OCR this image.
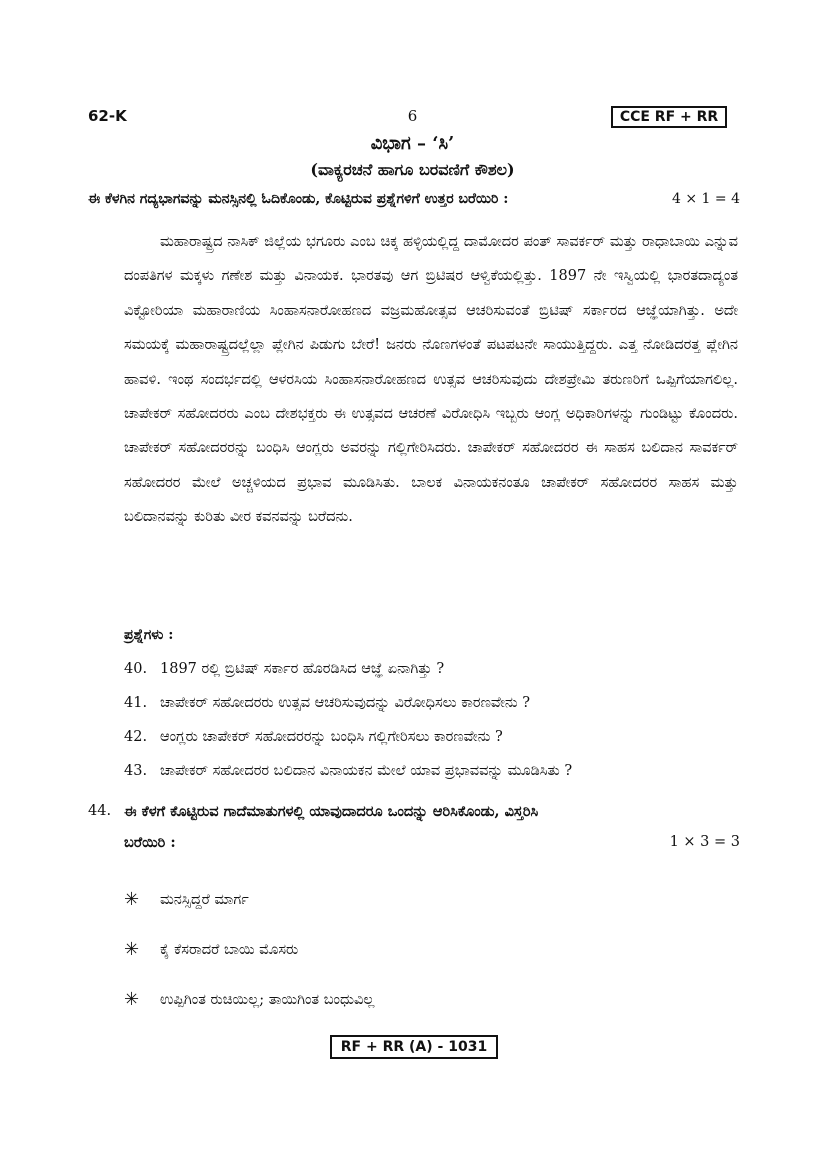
62-K	6	CCE RF + RR
ವಿಭಾಗ – ‘ಸಿ’
(ವಾಕ್ಯರಚನೆ ಹಾಗೂ ಬರವಣಿಗೆ ಕೌಶಲ)
ಈ ಕೆಳಗಿನ ಗದ್ಯಭಾಗವನ್ನು ಮನಸ್ಸಿನಲ್ಲಿ ಓದಿಕೊಂಡು, ಕೊಟ್ಟಿರುವ ಪ್ರಶ್ನೆಗಳಿಗೆ ಉತ್ತರ ಬರೆಯಿರಿ :	4 × 1 = 4

ಮಹಾರಾಷ್ಟ್ರದ ನಾಸಿಕ್ ಜಿಲ್ಲೆಯ ಭಗೂರು ಎಂಬ ಚಿಕ್ಕ ಹಳ್ಳಿಯಲ್ಲಿದ್ದ ದಾಮೋದರ ಪಂತ್ ಸಾವರ್ಕರ್ ಮತ್ತು ರಾಧಾಬಾಯಿ ಎನ್ನುವ ದಂಪತಿಗಳ ಮಕ್ಕಳು ಗಣೇಶ ಮತ್ತು ವಿನಾಯಕ. ಭಾರತವು ಆಗ ಬ್ರಿಟಿಷರ ಆಳ್ವಿಕೆಯಲ್ಲಿತ್ತು. 1897 ನೇ ಇಸ್ವಿಯಲ್ಲಿ ಭಾರತದಾದ್ಯಂತ ವಿಕ್ಟೋರಿಯಾ ಮಹಾರಾಣಿಯ ಸಿಂಹಾಸನಾರೋಹಣದ ವಜ್ರಮಹೋತ್ಸವ ಆಚರಿಸುವಂತೆ ಬ್ರಿಟಿಷ್ ಸರ್ಕಾರದ ಆಜ್ಞೆಯಾಗಿತ್ತು. ಅದೇ ಸಮಯಕ್ಕೆ ಮಹಾರಾಷ್ಟ್ರದಲ್ಲೆಲ್ಲಾ ಪ್ಲೇಗಿನ ಪಿಡುಗು ಬೇರೆ! ಜನರು ನೊಣಗಳಂತೆ ಪಟಪಟನೇ ಸಾಯುತ್ತಿದ್ದರು. ಎತ್ತ ನೋಡಿದರತ್ತ ಪ್ಲೇಗಿನ ಹಾವಳಿ. ಇಂಥ ಸಂದರ್ಭದಲ್ಲಿ ಆಳರಸಿಯ ಸಿಂಹಾಸನಾರೋಹಣದ ಉತ್ಸವ ಆಚರಿಸುವುದು ದೇಶಪ್ರೇಮಿ ತರುಣರಿಗೆ ಒಪ್ಪಿಗೆಯಾಗಲಿಲ್ಲ. ಚಾಪೇಕರ್ ಸಹೋದರರು ಎಂಬ ದೇಶಭಕ್ತರು ಈ ಉತ್ಸವದ ಆಚರಣೆ ವಿರೋಧಿಸಿ ಇಬ್ಬರು ಆಂಗ್ಲ ಅಧಿಕಾರಿಗಳನ್ನು ಗುಂಡಿಟ್ಟು ಕೊಂದರು. ಚಾಪೇಕರ್ ಸಹೋದರರನ್ನು ಬಂಧಿಸಿ ಆಂಗ್ಲರು ಅವರನ್ನು ಗಲ್ಲಿಗೇರಿಸಿದರು. ಚಾಪೇಕರ್ ಸಹೋದರರ ಈ ಸಾಹಸ ಬಲಿದಾನ ಸಾವರ್ಕರ್ ಸಹೋದರರ ಮೇಲೆ ಅಚ್ಚಳಿಯದ ಪ್ರಭಾವ ಮೂಡಿಸಿತು. ಬಾಲಕ ವಿನಾಯಕನಂತೂ ಚಾಪೇಕರ್ ಸಹೋದರರ ಸಾಹಸ ಮತ್ತು ಬಲಿದಾನವನ್ನು ಕುರಿತು ವೀರ ಕವನವನ್ನು ಬರೆದನು.

ಪ್ರಶ್ನೆಗಳು :
40. 1897 ರಲ್ಲಿ ಬ್ರಿಟಿಷ್ ಸರ್ಕಾರ ಹೊರಡಿಸಿದ ಆಜ್ಞೆ ಏನಾಗಿತ್ತು ?
41. ಚಾಪೇಕರ್ ಸಹೋದರರು ಉತ್ಸವ ಆಚರಿಸುವುದನ್ನು ವಿರೋಧಿಸಲು ಕಾರಣವೇನು ?
42. ಆಂಗ್ಲರು ಚಾಪೇಕರ್ ಸಹೋದರರನ್ನು ಬಂಧಿಸಿ ಗಲ್ಲಿಗೇರಿಸಲು ಕಾರಣವೇನು ?
43. ಚಾಪೇಕರ್ ಸಹೋದರರ ಬಲಿದಾನ ವಿನಾಯಕನ ಮೇಲೆ ಯಾವ ಪ್ರಭಾವವನ್ನು ಮೂಡಿಸಿತು ?
44. ಈ ಕೆಳಗೆ ಕೊಟ್ಟಿರುವ ಗಾದೆಮಾತುಗಳಲ್ಲಿ ಯಾವುದಾದರೂ ಒಂದನ್ನು ಆರಿಸಿಕೊಂಡು, ವಿಸ್ತರಿಸಿ
ಬರೆಯಿರಿ :	1 × 3 = 3
✳	ಮನಸ್ಸಿದ್ದರೆ ಮಾರ್ಗ
✳	ಕೈ ಕೆಸರಾದರೆ ಬಾಯಿ ಮೊಸರು
✳	ಉಪ್ಪಿಗಿಂತ ರುಚಿಯಿಲ್ಲ; ತಾಯಿಗಿಂತ ಬಂಧುವಿಲ್ಲ
RF + RR (A) - 1031
